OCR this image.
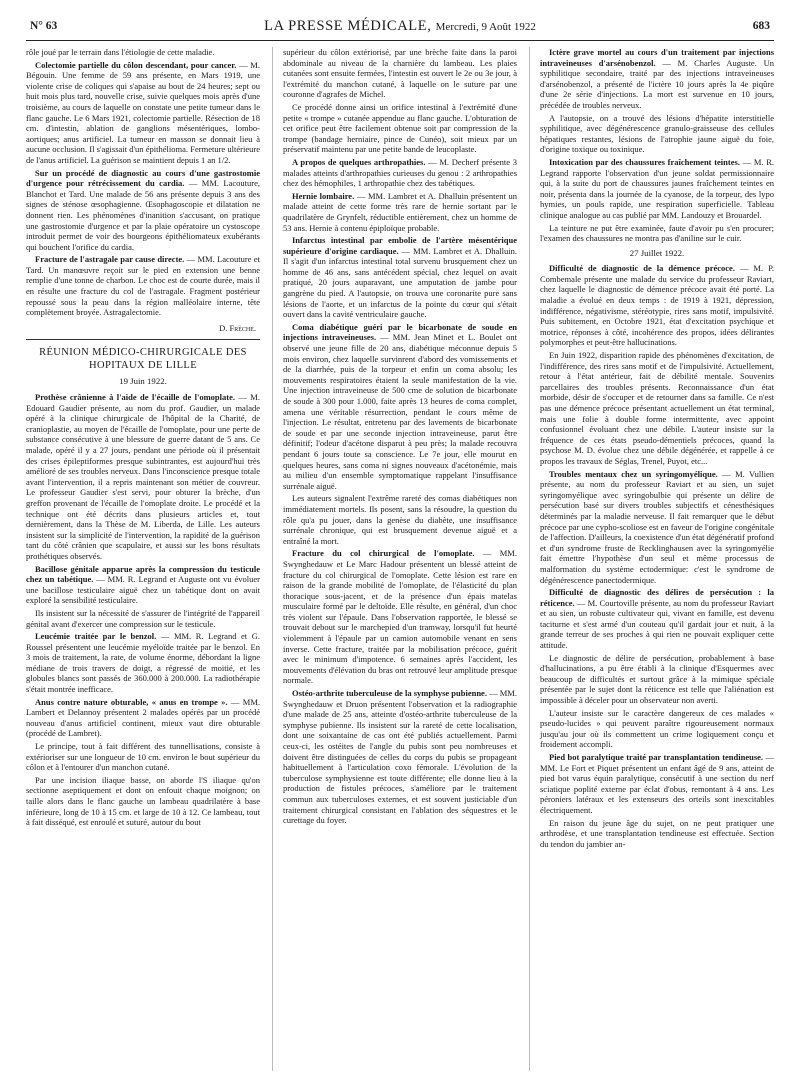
N° 63	LA PRESSE MÉDICALE, Mercredi, 9 Août 1922	683

rôle joué par le terrain dans l'étiologie de cette maladie.

Colectomie partielle du côlon descendant, pour cancer. — M. Bégouin. Une femme de 59 ans présente, en Mars 1919, une violente crise de coliques qui s'apaise au bout de 24 heures; sept ou huit mois plus tard, nouvelle crise, suivie quelques mois après d'une troisième, au cours de laquelle on constate une petite tumeur dans le flanc gauche. Le 6 Mars 1921, colectomie partielle. Résection de 18 cm. d'intestin, ablation de ganglions mésentériques, lombo-aortiques; anus artificiel. La tumeur en masson se donnait lieu à aucune occlusion. Il s'agissait d'un épithélioma. Fermeture ultérieure de l'anus artificiel. La guérison se maintient depuis 1 an 1/2.

Sur un procédé de diagnostic au cours d'une gastrostomie d'urgence pour rétrécissement du cardia. — MM. Lacouture, Blanchot et Tard. Une malade de 56 ans présente depuis 3 ans des signes de sténose œsophagienne. Œsophagoscopie et dilatation ne donnent rien. Les phénomènes d'inanition s'accusant, on pratique une gastrostomie d'urgence et par la plaie opératoire un cystoscope introduit permet de voir des bourgeons épithéliomateux exubérants qui bouchent l'orifice du cardia.

Fracture de l'astragale par cause directe. — MM. Lacouture et Tard. Un manœuvre reçoit sur le pied en extension une benne remplie d'une tonne de charbon. Le choc est de courte durée, mais il en résulte une fracture du col de l'astragale. Fragment postérieur repoussé sous la peau dans la région malléolaire interne, tête complètement broyée. Astragalectomie.

D. Frèche.

RÉUNION MÉDICO-CHIRURGICALE DES HOPITAUX DE LILLE

19 Juin 1922.

Prothèse crânienne à l'aide de l'écaille de l'omoplate. — M. Edouard Gaudier présente, au nom du prof. Gaudier, un malade opéré à la clinique chirurgicale de l'hôpital de la Charité, de cranioplastie, au moyen de l'écaille de l'omoplate, pour une perte de substance consécutive à une blessure de guerre datant de 5 ans. Ce malade, opéré il y a 27 jours, pendant une période où il présentait des crises épileptiformes presque subintrantes, est aujourd'hui très amélioré de ses troubles nerveux. Dans l'inconscience presque totale avant l'intervention, il a repris maintenant son métier de couvreur. Le professeur Gaudier s'est servi, pour obturer la brèche, d'un greffon provenant de l'écaille de l'omoplate droite. Le procédé et la technique ont été décrits dans plusieurs articles et, tout dernièrement, dans la Thèse de M. Liberda, de Lille. Les auteurs insistent sur la simplicité de l'intervention, la rapidité de la guérison tant du côté crânien que scapulaire, et aussi sur les bons résultats prothétiques observés.

Bacillose génitale apparue après la compression du testicule chez un tabétique. — MM. R. Legrand et Auguste ont vu évoluer une bacillose testiculaire aiguë chez un tabétique dont on avait exploré la sensibilité testiculaire.

Ils insistent sur la nécessité de s'assurer de l'intégrité de l'appareil génital avant d'exercer une compression sur le testicule.

Leucémie traitée par le benzol. — MM. R. Legrand et G. Roussel présentent une leucémie myéloïde traitée par le benzol. En 3 mois de traitement, la rate, de volume énorme, débordant la ligne médiane de trois travers de doigt, a régressé de moitié, et les globules blancs sont passés de 360.000 à 200.000. La radiothérapie s'était montrée inefficace.

Anus contre nature obturable, « anus en trompe ». — MM. Lambert et Delannoy présentent 2 malades opérés par un procédé nouveau d'anus artificiel continent, mieux vaut dire obturable (procédé de Lambret).

Le principe, tout à fait différent des tunnellisations, consiste à extérioriser sur une longueur de 10 cm. environ le bout supérieur du côlon et à l'entourer d'un manchon cutané.

Par une incision iliaque basse, on aborde l'S iliaque qu'on sectionne aseptiquement et dont on enfouit chaque moignon; on taille alors dans le flanc gauche un lambeau quadrilatère à base inférieure, long de 10 à 15 cm. et large de 10 à 12. Ce lambeau, tout à fait disséqué, est enroulé et suturé, autour du bout

supérieur du côlon extériorisé, par une brèche faite dans la paroi abdominale au niveau de la charnière du lambeau. Les plaies cutanées sont ensuite fermées, l'intestin est ouvert le 2e ou 3e jour, à l'extrémité du manchon cutané, à laquelle on le suture par une couronne d'agrafes de Michel.

Ce procédé donne ainsi un orifice intestinal à l'extrémité d'une petite « trompe » cutanée appendue au flanc gauche. L'obturation de cet orifice peut être facilement obtenue soit par compression de la trompe (bandage herniaire, pince de Cunéo), soit mieux par un préservatif maintenu par une petite bande de leucoplaste.

A propos de quelques arthropathies. — M. Decherf présente 3 malades atteints d'arthropathies curieuses du genou : 2 arthropathies chez des hémophiles, 1 arthropathie chez des tabétiques.

Hernie lombaire. — MM. Lambret et A. Dhalluin présentent un malade atteint de cette forme très rare de hernie sortant par le quadrilatère de Grynfelt, réductible entièrement, chez un homme de 53 ans. Hernie à contenu épiploïque probable.

Infarctus intestinal par embolie de l'artère mésentérique supérieure d'origine cardiaque. — MM. Lambret et A. Dhalluin. Il s'agit d'un infarctus intestinal total survenu brusquement chez un homme de 46 ans, sans antécédent spécial, chez lequel on avait pratiqué, 20 jours auparavant, une amputation de jambe pour gangrène du pied. A l'autopsie, on trouva une coronarite pure sans lésions de l'aorte, et un infarctus de la pointe du cœur qui s'était ouvert dans la cavité ventriculaire gauche.

Coma diabétique guéri par le bicarbonate de soude en injections intraveineuses. — MM. Jean Minet et L. Boulet ont observé une jeune fille de 20 ans, diabétique méconnue depuis 5 mois environ, chez laquelle survinrent d'abord des vomissements et de la diarrhée, puis de la torpeur et enfin un coma absolu; les mouvements respiratoires étaient la seule manifestation de la vie. Une injection intraveineuse de 500 cme de solution de bicarbonate de soude à 300 pour 1.000, faite après 13 heures de coma complet, amena une véritable résurrection, pendant le cours même de l'injection. Le résultat, entretenu par des lavements de bicarbonate de soude et par une seconde injection intraveineuse, parut être définitif; l'odeur d'acétone disparut à peu près; la malade recouvra pendant 6 jours toute sa conscience. Le 7e jour, elle mourut en quelques heures, sans coma ni signes nouveaux d'acétonémie, mais au milieu d'un ensemble symptomatique rappelant l'insuffisance surrénale aiguë.

Les auteurs signalent l'extrême rareté des comas diabétiques non immédiatement mortels. Ils posent, sans la résoudre, la question du rôle qu'a pu jouer, dans la genèse du diabète, une insuffisance surrénale chronique, qui est brusquement devenue aiguë et a entraîné la mort.

Fracture du col chirurgical de l'omoplate. — MM. Swynghedauw et Le Marc Hadour présentent un blessé atteint de fracture du col chirurgical de l'omoplate. Cette lésion est rare en raison de la grande mobilité de l'omoplate, de l'élasticité du plan thoracique sous-jacent, et de la présence d'un épais matelas musculaire formé par le deltoïde. Elle résulte, en général, d'un choc très violent sur l'épaule. Dans l'observation rapportée, le blessé se trouvait debout sur le marchepied d'un tramway, lorsqu'il fut heurté violemment à l'épaule par un camion automobile venant en sens inverse. Cette fracture, traitée par la mobilisation précoce, guérit avec le minimum d'impotence. 6 semaines après l'accident, les mouvements d'élévation du bras ont retrouvé leur amplitude presque normale.

Ostéo-arthrite tuberculeuse de la symphyse pubienne. — MM. Swynghedauw et Druon présentent l'observation et la radiographie d'une malade de 25 ans, atteinte d'ostéo-arthrite tuberculeuse de la symphyse pubienne. Ils insistent sur la rareté de cette localisation, dont une soixantaine de cas ont été publiés actuellement. Parmi ceux-ci, les ostéites de l'angle du pubis sont peu nombreuses et doivent être distinguées de celles du corps du pubis se propageant habituellement à l'articulation coxo fémorale. L'évolution de la tuberculose symphysienne est toute différente; elle donne lieu à la production de fistules précoces, s'améliore par le traitement commun aux tuberculoses externes, et est souvent justiciable d'un traitement chirurgical consistant en l'ablation des séquestres et le curettage du foyer.

Ictère grave mortel au cours d'un traitement par injections intraveineuses d'arsénobenzol. — M. Charles Auguste. Un syphilitique secondaire, traité par des injections intraveineuses d'arsénobenzol, a présenté de l'ictère 10 jours après la 4e piqûre d'une 2e série d'injections. La mort est survenue en 10 jours, précédée de troubles nerveux.

A l'autopsie, on a trouvé des lésions d'hépatite interstitielle syphilitique, avec dégénérescence granulo-graisseuse des cellules hépatiques restantes, lésions de l'atrophie jaune aiguë du foie, d'origine toxique ou toxinique.

Intoxication par des chaussures fraîchement teintes. — M. R. Legrand rapporte l'observation d'un jeune soldat permissionnaire qui, à la suite du port de chaussures jaunes fraîchement teintes en noir, présenta dans la journée de la cyanose, de la torpeur, des lypo hymies, un pouls rapide, une respiration superficielle. Tableau clinique analogue au cas publié par MM. Landouzy et Brouardel.

La teinture ne put être examinée, faute d'avoir pu s'en procurer; l'examen des chaussures ne montra pas d'aniline sur le cuir.

27 Juillet 1922.

Difficulté de diagnostic de la démence précoce. — M. P. Combemale présente une malade du service du professeur Raviart, chez laquelle le diagnostic de démence précoce avait été porté. La maladie a évolué en deux temps : de 1919 à 1921, dépression, indifférence, négativisme, stéréotypie, rires sans motif, impulsivité. Puis subitement, en Octobre 1921, état d'excitation psychique et motrice, réponses à côté, incohérence des propos, idées délirantes polymorphes et peut-être hallucinations.

En Juin 1922, disparition rapide des phénomènes d'excitation, de l'indifférence, des rires sans motif et de l'impulsivité. Actuellement, retour à l'état antérieur, fait de débilité mentale. Souvenirs parcellaires des troubles présents. Reconnaissance d'un état morbide, désir de s'occuper et de retourner dans sa famille. Ce n'est pas une démence précoce présentant actuellement un état terminal, mais une folie à double forme intermittente, avec appoint confusionnel évoluant chez une débile. L'auteur insiste sur la fréquence de ces états pseudo-démentiels précoces, quand la psychose M. D. évolue chez une débile dégénérée, et rappelle à ce propos les travaux de Séglas, Trenel, Puyot, etc...

Troubles mentaux chez un syringomyélique. — M. Vullien présente, au nom du professeur Raviart et au sien, un sujet syringomyélique avec syringobulbie qui présente un délire de persécution basé sur divers troubles subjectifs et cénesthésiques déterminés par la maladie nerveuse. Il fait remarquer que le début précoce par une cypho-scoliose est en faveur de l'origine congénitale de l'affection. D'ailleurs, la coexistence d'un état dégénératif profond et d'un syndrome fruste de Recklinghausen avec la syringomyélie fait émettre l'hypothèse d'un seul et même processus de malformation du système ectodermique: c'est le syndrome de dégénérescence panectodermique.

Difficulté de diagnostic des délires de persécution : la réticence. — M. Courtoville présente, au nom du professeur Raviart et au sien, un robuste cultivateur qui, vivant en famille, est devenu taciturne et s'est armé d'un couteau qu'il gardait jour et nuit, à la grande terreur de ses proches à qui rien ne pouvait expliquer cette attitude.

Le diagnostic de délire de persécution, probablement à base d'hallucinations, a pu être établi à la clinique d'Esquermes avec beaucoup de difficultés et surtout grâce à la mimique spéciale présentée par le sujet dont la réticence est telle que l'aliénation est impossible à déceler pour un observateur non averti.

L'auteur insiste sur le caractère dangereux de ces malades « pseudo-lucides » qui peuvent paraître rigoureusement normaux jusqu'au jour où ils commettent un crime logiquement conçu et froidement accompli.

Pied bot paralytique traité par transplantation tendineuse. — MM. Le Fort et Piquet présentent un enfant âgé de 9 ans, atteint de pied bot varus équin paralytique, consécutif à une section du nerf sciatique poplité externe par éclat d'obus, remontant à 4 ans. Les péroniers latéraux et les extenseurs des orteils sont inexcitables électriquement.

En raison du jeune âge du sujet, on ne peut pratiquer une arthrodèse, et une transplantation tendineuse est effectuée. Section du tendon du jambier an-
